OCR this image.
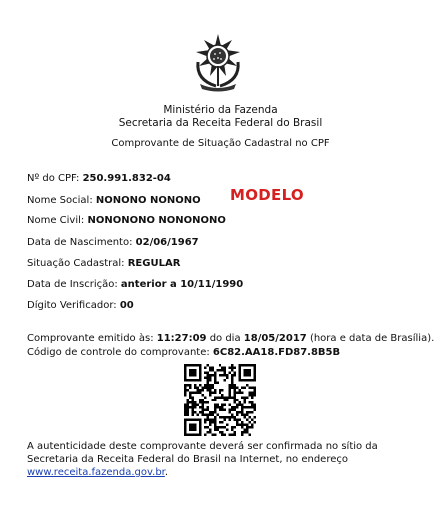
Ministério da Fazenda
Secretaria da Receita Federal do Brasil
Comprovante de Situação Cadastral no CPF
Nº do CPF: 250.991.832-04
MODELO
Nome Social: NONONO NONONO
Nome Civil: NONONONO NONONONO
Data de Nascimento: 02/06/1967
Situação Cadastral: REGULAR
Data de Inscrição: anterior a 10/11/1990
Dígito Verificador: 00
Comprovante emitido às: 11:27:09 do dia 18/05/2017 (hora e data de Brasília).
Código de controle do comprovante: 6C82.AA18.FD87.8B5B
A autenticidade deste comprovante deverá ser confirmada no sítio da Secretaria da Receita Federal do Brasil na Internet, no endereço www.receita.fazenda.gov.br.
